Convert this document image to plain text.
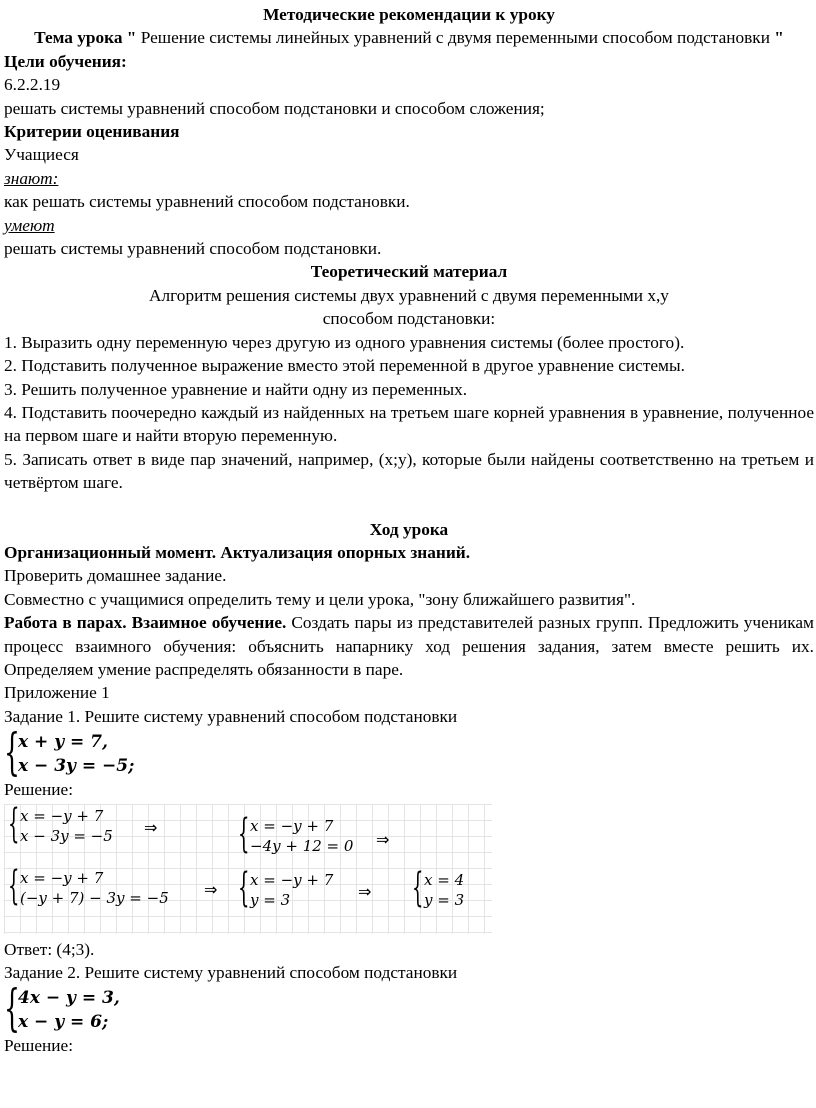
Методические рекомендации к уроку

Тема урока " Решение системы линейных уравнений с двумя переменными способом подстановки "

Цели обучения:

6.2.2.19

решать системы уравнений способом подстановки и способом сложения;

Критерии оценивания

Учащиеся

знают:

как решать системы уравнений способом подстановки.

умеют

решать системы уравнений способом подстановки.

Теоретический материал

Алгоритм решения системы двух уравнений с двумя переменными х,у

способом подстановки:

1. Выразить одну переменную через другую из одного уравнения системы (более простого).

2. Подставить полученное выражение вместо этой переменной в другое уравнение системы.

3. Решить полученное уравнение и найти одну из переменных.

4. Подставить поочередно каждый из найденных на третьем шаге корней уравнения в уравнение, полученное на первом шаге и найти вторую переменную.

5. Записать ответ в виде пар значений, например, (х;у), которые были найдены соответственно на третьем и четвёртом шаге.

Ход урока

Организационный момент. Актуализация опорных знаний.

Проверить домашнее задание.

Совместно с учащимися определить тему и цели урока, "зону ближайшего развития".

Работа в парах. Взаимное обучение. Создать пары из представителей разных групп. Предложить ученикам процесс взаимного обучения: объяснить напарнику ход решения задания, затем вместе решить их. Определяем умение распределять обязанности в паре.

Приложение 1

Задание 1. Решите систему уравнений способом подстановки

{
x + y = 7,
x − 3y = −5;

Решение:

{ x = −y + 7
x − 3y = −5 ⇒ { x = −y + 7
−4y + 12 = 0 ⇒
{ x = −y + 7
(−y + 7) − 3y = −5 ⇒ { x = −y + 7
y = 3	⇒ { x = 4
y = 3

Ответ: (4;3).

Задание 2. Решите систему уравнений способом подстановки

{
4x − y = 3,
x − y = 6;

Решение:
